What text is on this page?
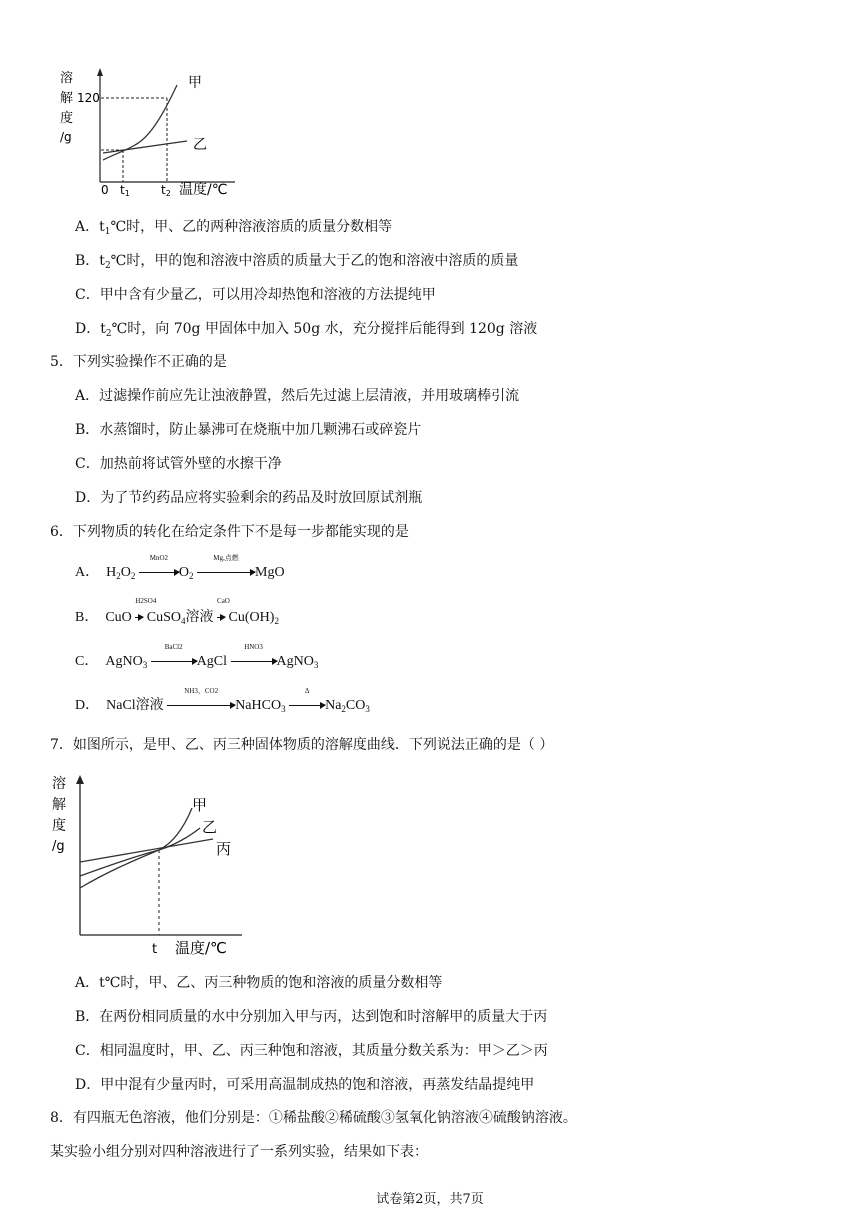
溶
解
度
/g
120
甲
乙
0 t1	t2 温度/℃
A．$t_1℃$时，甲、乙的两种溶液溶质的质量分数相等
B．$t_2℃$时，甲的饱和溶液中溶质的质量大于乙的饱和溶液中溶质的质量
C．甲中含有少量乙，可以用冷却热饱和溶液的方法提纯甲
D．$t_2℃$时，向 70g 甲固体中加入 50g 水，充分搅拌后能得到 120g 溶液
5．下列实验操作不正确的是
A．过滤操作前应先让浊液静置，然后先过滤上层清液，并用玻璃棒引流
B．水蒸馏时，防止暴沸可在烧瓶中加几颗沸石或碎瓷片
C．加热前将试管外壁的水擦干净
D．为了节约药品应将实验剩余的药品及时放回原试剂瓶
6．下列物质的转化在给定条件下不是每一步都能实现的是
A． $H_2O_2$
MnO2
$O_2$
Mg,点燃
MgO
B． CuO
H2SO4
CuSO$_4$溶液
CaO
$Cu(OH)_2$
C． AgNO$_3$
BaCl2
AgCl
HNO3
AgNO$_3$
D． NaCl溶液
NH3、CO2
NaHCO$_3$
Δ
$Na_2CO_3$
7．如图所示，是甲、乙、丙三种固体物质的溶解度曲线．下列说法正确的是（ ）
溶
解
度
/g
甲
乙
丙
t 温度/℃
A．t℃时，甲、乙、丙三种物质的饱和溶液的质量分数相等
B．在两份相同质量的水中分别加入甲与丙，达到饱和时溶解甲的质量大于丙
C．相同温度时，甲、乙、丙三种饱和溶液，其质量分数关系为：甲＞乙＞丙
D．甲中混有少量丙时，可采用高温制成热的饱和溶液，再蒸发结晶提纯甲
8．有四瓶无色溶液，他们分别是：①稀盐酸②稀硫酸③氢氧化钠溶液④硫酸钠溶液。
某实验小组分别对四种溶液进行了一系列实验，结果如下表：
试卷第2页，共7页
